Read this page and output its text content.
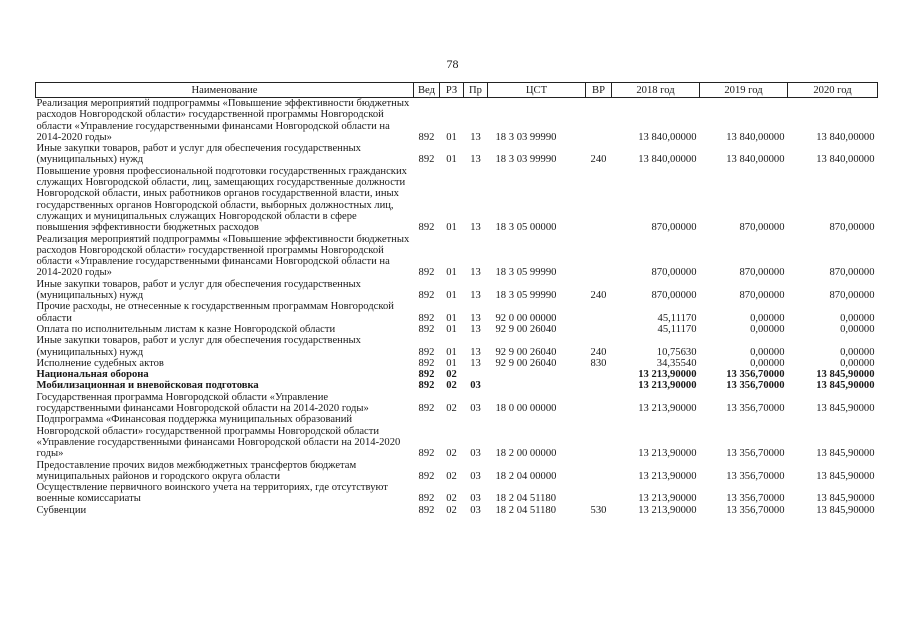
78
Наименование	Вед	РЗ	Пр	ЦСТ	ВР	2018 год	2019 год	2020 год
Реализация мероприятий подпрограммы «Повышение эффективности бюджетных расходов Новгородской области» государственной программы Новгородской области «Управление государственными финансами Новгородской области на 2014-2020 годы»	892	01	13	18 3 03 99990		13 840,00000	13 840,00000	13 840,00000
Иные закупки товаров, работ и услуг для обеспечения государственных (муниципальных) нужд	892	01	13	18 3 03 99990	240	13 840,00000	13 840,00000	13 840,00000
Повышение уровня профессиональной подготовки государственных гражданских служащих Новгородской области, лиц, замещающих государственные должности Новгородской области, иных работников органов государственной власти, иных государственных органов Новгородской области, выборных должностных лиц, служащих и муниципальных служащих Новгородской области в сфере повышения эффективности бюджетных расходов	892	01	13	18 3 05 00000		870,00000	870,00000	870,00000
Реализация мероприятий подпрограммы «Повышение эффективности бюджетных расходов Новгородской области» государственной программы Новгородской области «Управление государственными финансами Новгородской области на 2014-2020 годы»	892	01	13	18 3 05 99990		870,00000	870,00000	870,00000
Иные закупки товаров, работ и услуг для обеспечения государственных (муниципальных) нужд	892	01	13	18 3 05 99990	240	870,00000	870,00000	870,00000
Прочие расходы, не отнесенные к государственным программам Новгородской области	892	01	13	92 0 00 00000		45,11170	0,00000	0,00000
Оплата по исполнительным листам к казне Новгородской области	892	01	13	92 9 00 26040		45,11170	0,00000	0,00000
Иные закупки товаров, работ и услуг для обеспечения государственных (муниципальных) нужд	892	01	13	92 9 00 26040	240	10,75630	0,00000	0,00000
Исполнение судебных актов	892	01	13	92 9 00 26040	830	34,35540	0,00000	0,00000
Национальная оборона	892	02				13 213,90000	13 356,70000	13 845,90000
Мобилизационная и вневойсковая подготовка	892	02	03			13 213,90000	13 356,70000	13 845,90000
Государственная программа Новгородской области «Управление государственными финансами Новгородской области на 2014-2020 годы»	892	02	03	18 0 00 00000		13 213,90000	13 356,70000	13 845,90000
Подпрограмма «Финансовая поддержка муниципальных образований Новгородской области» государственной программы Новгородской области «Управление государственными финансами Новгородской области на 2014-2020 годы»	892	02	03	18 2 00 00000		13 213,90000	13 356,70000	13 845,90000
Предоставление прочих видов межбюджетных трансфертов бюджетам муниципальных районов и городского округа области	892	02	03	18 2 04 00000		13 213,90000	13 356,70000	13 845,90000
Осуществление первичного воинского учета на территориях, где отсутствуют военные комиссариаты	892	02	03	18 2 04 51180		13 213,90000	13 356,70000	13 845,90000
Субвенции	892	02	03	18 2 04 51180	530	13 213,90000	13 356,70000	13 845,90000
